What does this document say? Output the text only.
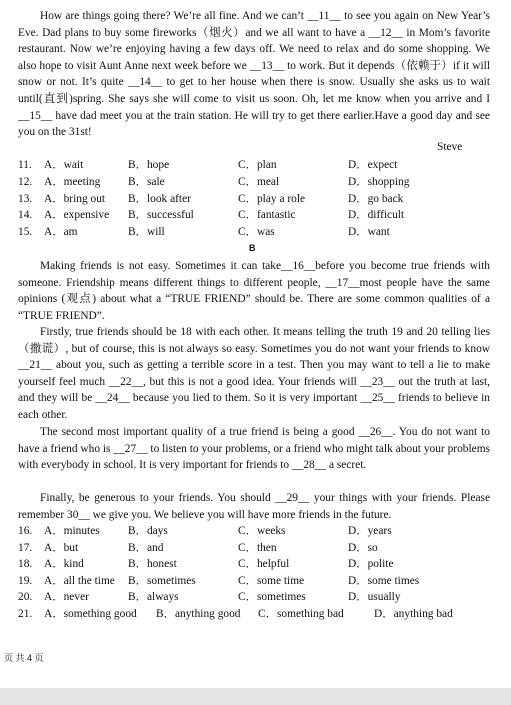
How are things going there? We’re all fine. And we can’t __11__ to see you again on New Year’s Eve. Dad plans to buy some fireworks（烟火）and we all want to have a __12__ in Mom’s favorite restaurant. Now we’re enjoying having a few days off. We need to relax and do some shopping. We also hope to visit Aunt Anne next week before we __13__ to work. But it depends（依赖于）if it will snow or not. It’s quite __14__ to get to her house when there is snow. Usually she asks us to wait until(直到)spring. She says she will come to visit us soon. Oh, let me know when you arrive and I __15__ have dad meet you at the train station. He will try to get there earlier.Have a good day and see you on the 31st!

Steve
11. A．wait	B．hope	C．plan	D．expect
12. A．meeting B．sale	C．meal	D．shopping
13. A．bring out B．look after	C．play a role	D．go back
14. A．expensive B．successful	C．fantastic	D．difficult
15. A．am	B．will	C．was	D．want
B

Making friends is not easy. Sometimes it can take__16__before you become true friends with someone. Friendship means different things to different people, __17__most people have the same opinions (观点) about what a “TRUE FRIEND” should be. There are some common qualities of a “TRUE FRIEND”.

Firstly, true friends should be 18 with each other. It means telling the truth 19 and 20 telling lies（撒谎）, but of course, this is not always so easy. Sometimes you do not want your friends to know __21__ about you, such as getting a terrible score in a test. Then you may want to tell a lie to make yourself feel much __22__, but this is not a good idea. Your friends will __23__ out the truth at last, and they will be __24__ because you lied to them. So it is very important __25__ friends to believe in each other.

The second most important quality of a true friend is being a good __26__. You do not want to have a friend who is __27__ to listen to your problems, or a friend who might talk about your problems with everybody in school. It is very important for friends to __28__ a secret.

Finally, be generous to your friends. You should __29__ your things with your friends. Please remember 30__ we give you. We believe you will have more friends in the future.

16. A．minutes B．days	C．weeks	D．years
17. A．but	B．and	C．then	D．so
18. A．kind	B．honest	C．helpful	D．polite
19. A．all the time B．sometimes	C．some time	D．some times
20. A．never	B．always	C．sometimes	D．usually
21. A．something good B．anything good C．something bad	D．anything bad
页 共 4 页
